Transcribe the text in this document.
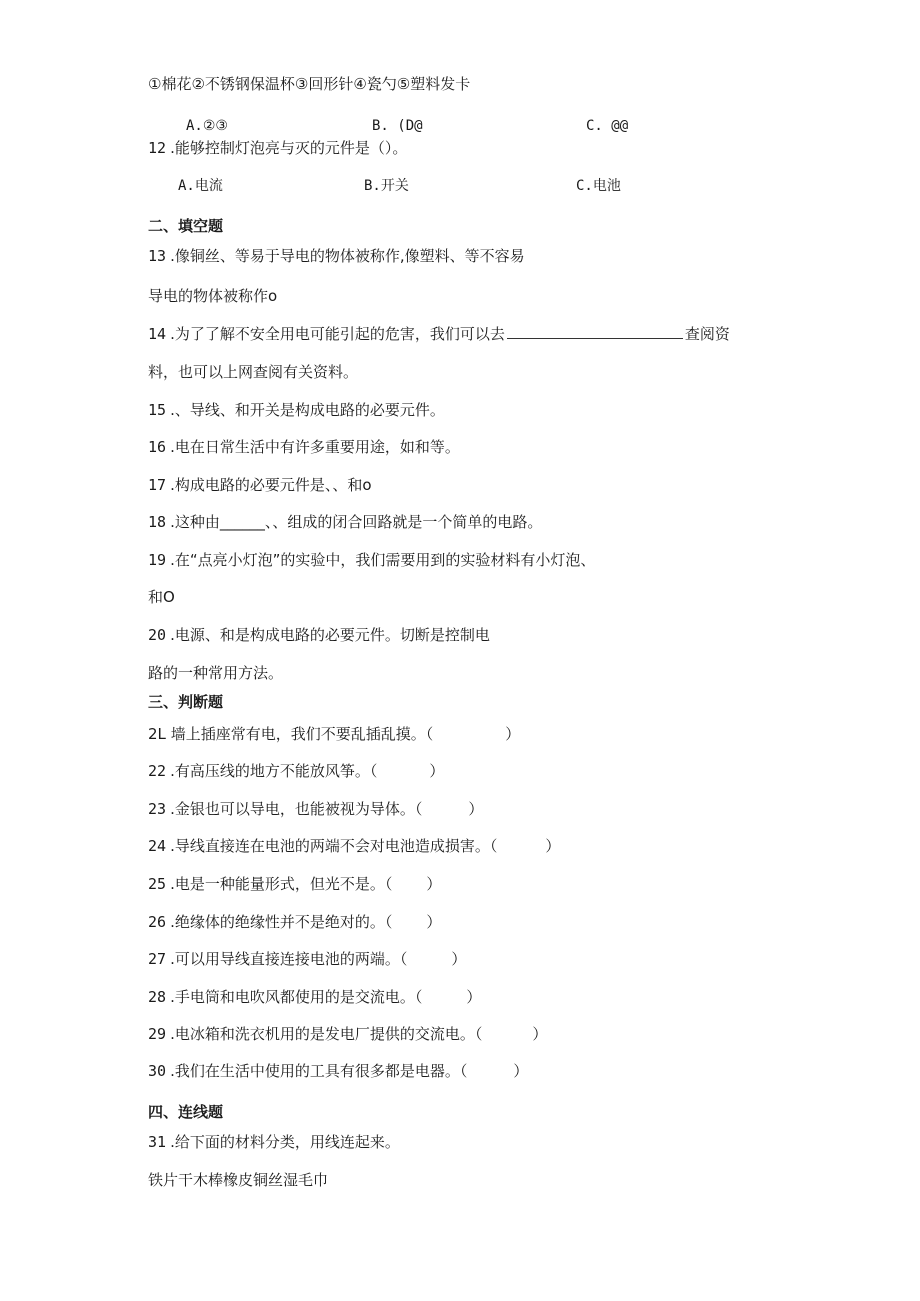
①棉花②不锈钢保温杯③回形针④瓷勺⑤塑料发卡
A.②③	B. (D@	C. @@
12 .能够控制灯泡亮与灭的元件是（）。
A.电流	B.开关	C.电池
二、填空题
13 .像铜丝、等易于导电的物体被称作,像塑料、等不容易
导电的物体被称作o
14 .为了了解不安全用电可能引起的危害，我们可以去	查阅资
料，也可以上网查阅有关资料。
15 .、导线、和开关是构成电路的必要元件。
16 .电在日常生活中有许多重要用途，如和等。
17 .构成电路的必要元件是、、和o
18 .这种由______、、组成的闭合回路就是一个简单的电路。
19 .在“点亮小灯泡”的实验中，我们需要用到的实验材料有小灯泡、
和O
20 .电源、和是构成电路的必要元件。切断是控制电
路的一种常用方法。
三、判断题
2L 墙上插座常有电，我们不要乱插乱摸。（	）
22 .有高压线的地方不能放风筝。（	）
23 .金银也可以导电，也能被视为导体。（	）
24 .导线直接连在电池的两端不会对电池造成损害。（	）
25 .电是一种能量形式，但光不是。（ ）
26 .绝缘体的绝缘性并不是绝对的。（ ）
27 .可以用导线直接连接电池的两端。（	）
28 .手电筒和电吹风都使用的是交流电。（	）
29 .电冰箱和洗衣机用的是发电厂提供的交流电。（	）
30 .我们在生活中使用的工具有很多都是电器。（	）
四、连线题
31 .给下面的材料分类，用线连起来。
铁片干木棒橡皮铜丝湿毛巾
